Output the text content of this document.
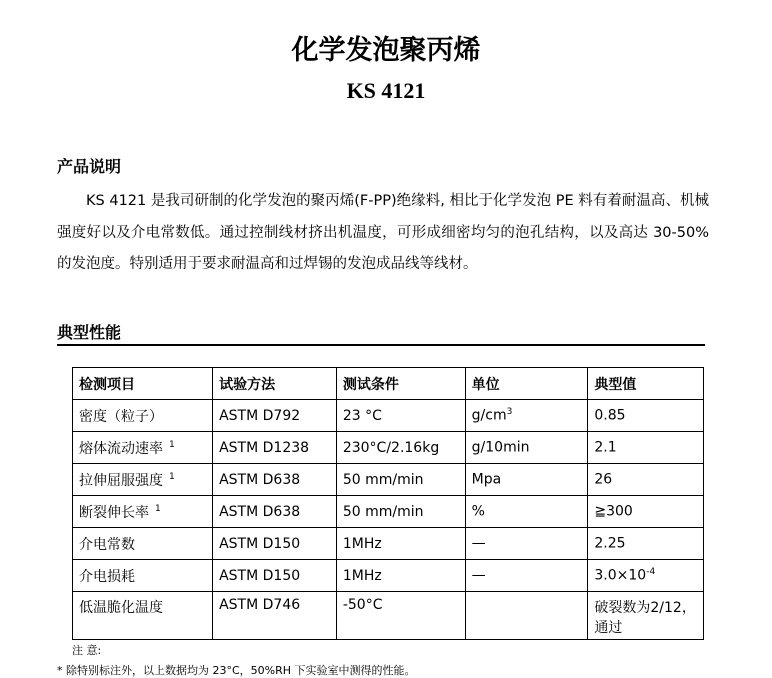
化学发泡聚丙烯
KS 4121
产品说明
KS 4121 是我司研制的化学发泡的聚丙烯(F-PP)绝缘料, 相比于化学发泡 PE 料有着耐温高、机械强度好以及介电常数低。通过控制线材挤出机温度，可形成细密均匀的泡孔结构，以及高达 30-50%的发泡度。特别适用于要求耐温高和过焊锡的发泡成品线等线材。
典型性能
检测项目	试验方法	测试条件	单位	典型值
密度（粒子）	ASTM D792	23 °C	$g/cm^3$	0.85
熔体流动速率 $^1$	ASTM D1238	230°C/2.16kg	g/10min	2.1
拉伸屈服强度 $^1$	ASTM D638	50 mm/min	Mpa	26
断裂伸长率 $^1$	ASTM D638	50 mm/min	%	≧300
介电常数	ASTM D150	1MHz	—	2.25
介电损耗	ASTM D150	1MHz	—	$3.0\times 10^{-4}$
低温脆化温度	ASTM D746	-50°C		破裂数为2/12，通过
注 意:
* 除特别标注外，以上数据均为 23°C，50%RH 下实验室中测得的性能。
